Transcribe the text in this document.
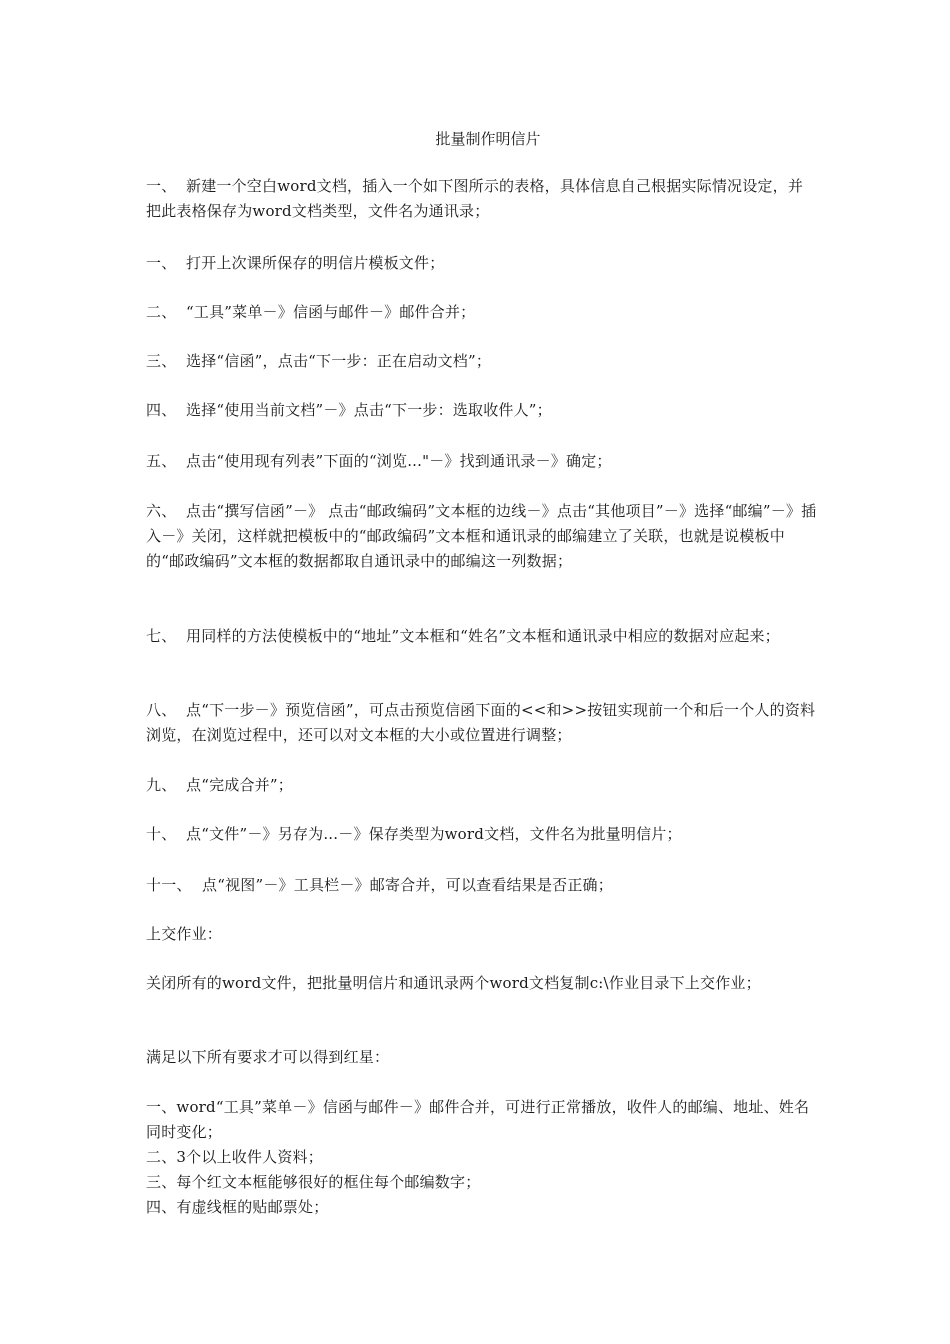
批量制作明信片
一、 新建一个空白word文档，插入一个如下图所示的表格，具体信息自己根据实际情况设定，并把此表格保存为word文档类型，文件名为通讯录；
一、 打开上次课所保存的明信片模板文件；
二、 “工具”菜单－》信函与邮件－》邮件合并；
三、 选择“信函”，点击“下一步：正在启动文档”；
四、 选择“使用当前文档”－》点击“下一步：选取收件人”；
五、 点击“使用现有列表”下面的“浏览..."－》找到通讯录－》确定；
六、 点击“撰写信函”－》 点击“邮政编码”文本框的边线－》点击“其他项目”－》选择“邮编”－》插入－》关闭，这样就把模板中的“邮政编码”文本框和通讯录的邮编建立了关联，也就是说模板中的“邮政编码”文本框的数据都取自通讯录中的邮编这一列数据；
七、 用同样的方法使模板中的“地址”文本框和“姓名”文本框和通讯录中相应的数据对应起来；
八、 点“下一步－》预览信函”，可点击预览信函下面的<<和>>按钮实现前一个和后一个人的资料浏览，在浏览过程中，还可以对文本框的大小或位置进行调整；
九、 点“完成合并”；
十、 点“文件”－》另存为...－》保存类型为word文档，文件名为批量明信片；
十一、 点“视图”－》工具栏－》邮寄合并，可以查看结果是否正确；
上交作业：
关闭所有的word文件，把批量明信片和通讯录两个word文档复制c:\作业目录下上交作业；
满足以下所有要求才可以得到红星：
一、word“工具”菜单－》信函与邮件－》邮件合并，可进行正常播放，收件人的邮编、地址、姓名同时变化；
二、3个以上收件人资料；
三、每个红文本框能够很好的框住每个邮编数字；
四、有虚线框的贴邮票处；
